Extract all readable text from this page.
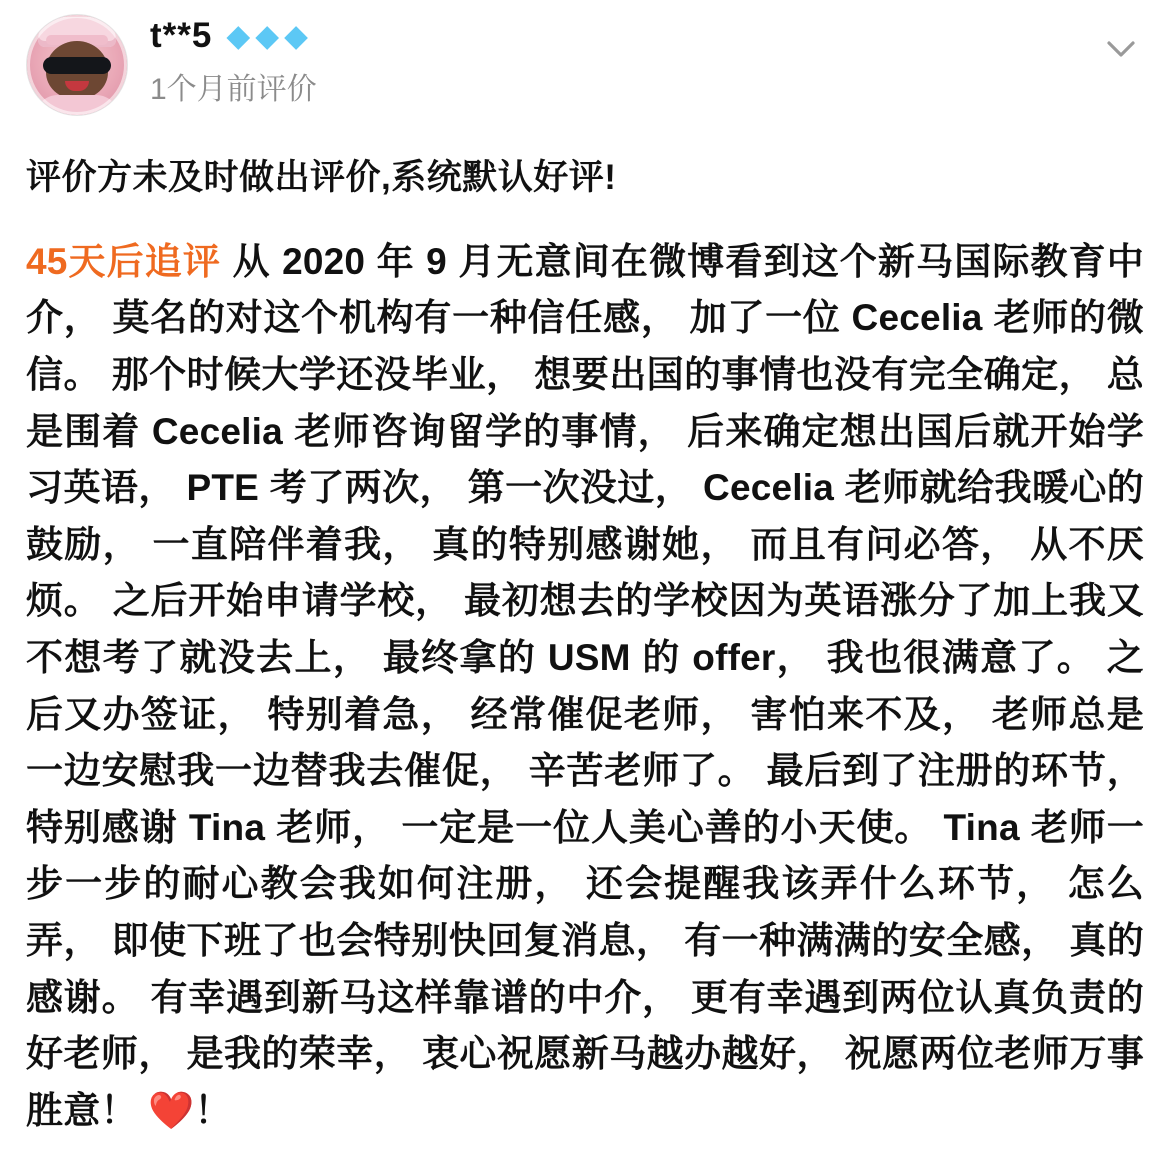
t**5 ◆ ◆ ◆
1个月前评价
评价方未及时做出评价,系统默认好评!
45天后追评 从 2020 年 9 月无意间在微博看到这个新马国际教育中介， 莫名的对这个机构有一种信任感， 加了一位 Cecelia 老师的微信。 那个时候大学还没毕业， 想要出国的事情也没有完全确定， 总是围着 Cecelia 老师咨询留学的事情， 后来确定想出国后就开始学习英语， PTE 考了两次， 第一次没过， Cecelia 老师就给我暖心的鼓励， 一直陪伴着我， 真的特别感谢她， 而且有问必答， 从不厌烦。 之后开始申请学校， 最初想去的学校因为英语涨分了加上我又不想考了就没去上， 最终拿的 USM 的 offer， 我也很满意了。 之后又办签证， 特别着急， 经常催促老师， 害怕来不及， 老师总是一边安慰我一边替我去催促， 辛苦老师了。 最后到了注册的环节， 特别感谢 Tina 老师， 一定是一位人美心善的小天使。 Tina 老师一步一步的耐心教会我如何注册， 还会提醒我该弄什么环节， 怎么弄， 即使下班了也会特别快回复消息， 有一种满满的安全感， 真的感谢。 有幸遇到新马这样靠谱的中介， 更有幸遇到两位认真负责的好老师， 是我的荣幸， 衷心祝愿新马越办越好， 祝愿两位老师万事胜意！ ❤️！
